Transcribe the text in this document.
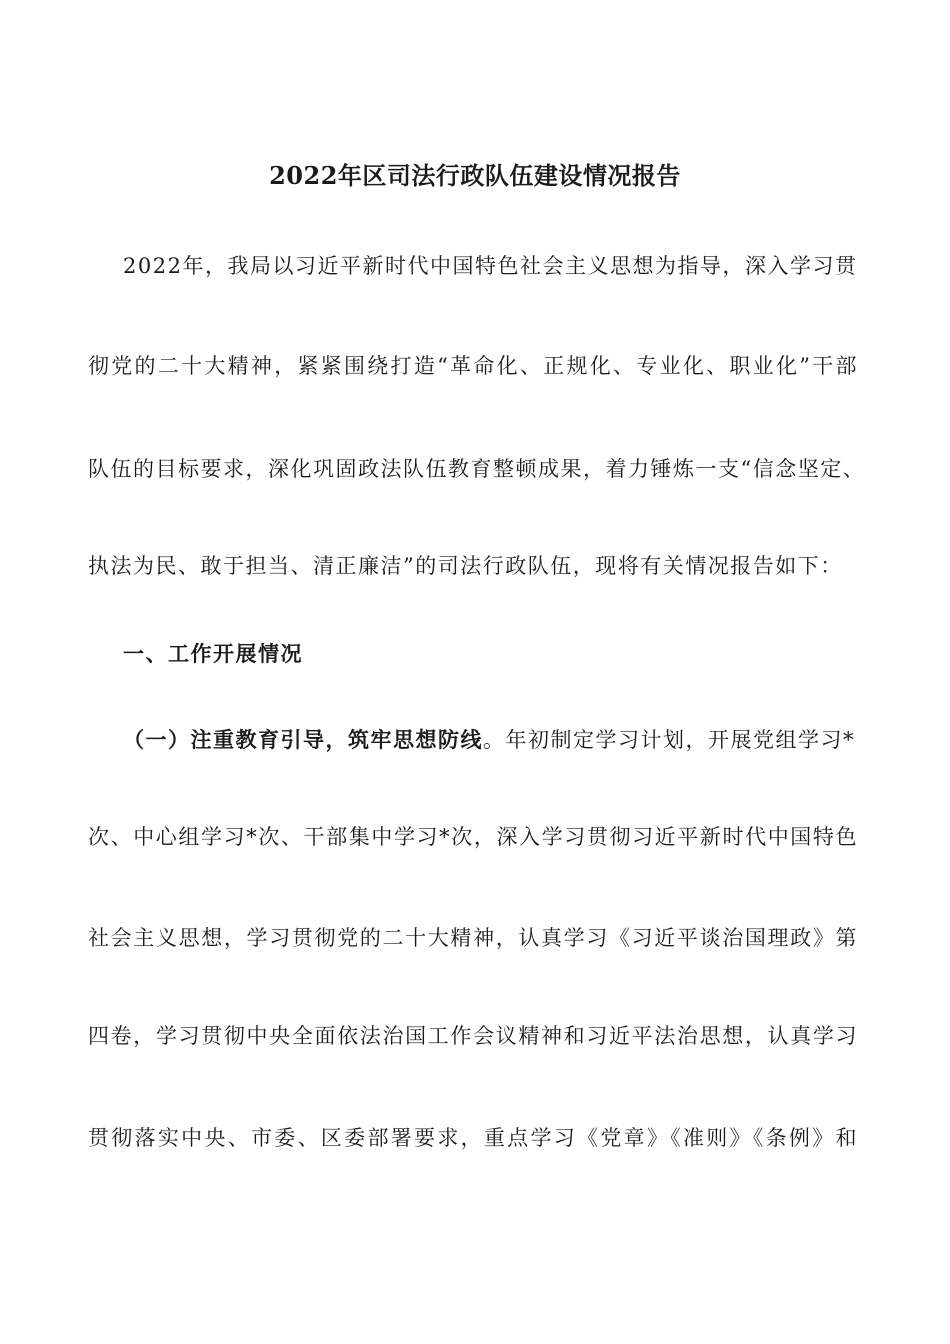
2022年区司法行政队伍建设情况报告
2022年，我局以习近平新时代中国特色社会主义思想为指导，深入学习贯
彻党的二十大精神，紧紧围绕打造“革命化、正规化、专业化、职业化”干部
队伍的目标要求，深化巩固政法队伍教育整顿成果，着力锤炼一支“信念坚定、
执法为民、敢于担当、清正廉洁”的司法行政队伍，现将有关情况报告如下：
一、工作开展情况
（一）注重教育引导，筑牢思想防线。年初制定学习计划，开展党组学习*
次、中心组学习*次、干部集中学习*次，深入学习贯彻习近平新时代中国特色
社会主义思想，学习贯彻党的二十大精神，认真学习《习近平谈治国理政》第
四卷，学习贯彻中央全面依法治国工作会议精神和习近平法治思想，认真学习
贯彻落实中央、市委、区委部署要求，重点学习《党章》《准则》《条例》和
